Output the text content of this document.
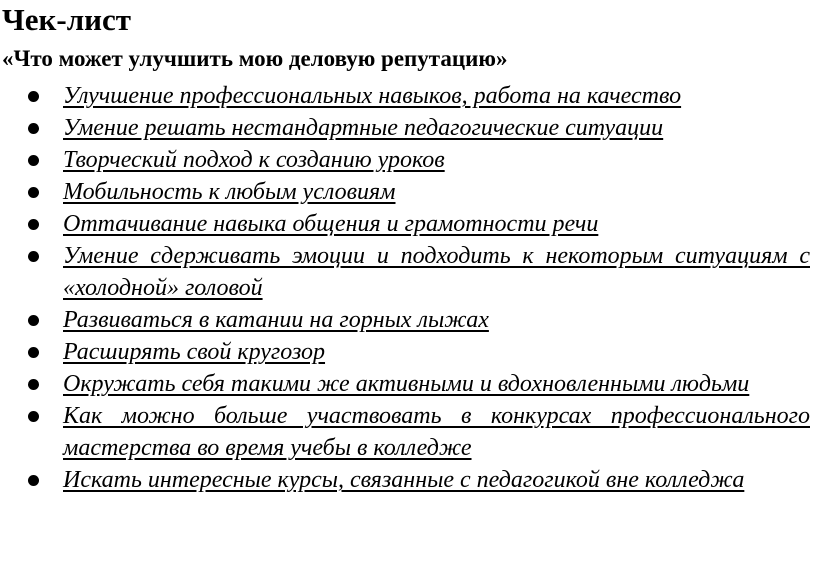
Чек-лист
«Что может улучшить мою деловую репутацию»
Улучшение профессиональных навыков, работа на качество
Умение решать нестандартные педагогические ситуации
Творческий подход к созданию уроков
Мобильность к любым условиям
Оттачивание навыка общения и грамотности речи
Умение сдерживать эмоции и подходить к некоторым ситуациям с «холодной» головой
Развиваться в катании на горных лыжах
Расширять свой кругозор
Окружать себя такими же активными и вдохновленными людьми
Как можно больше участвовать в конкурсах профессионального мастерства во время учебы в колледже
Искать интересные курсы, связанные с педагогикой вне колледжа
